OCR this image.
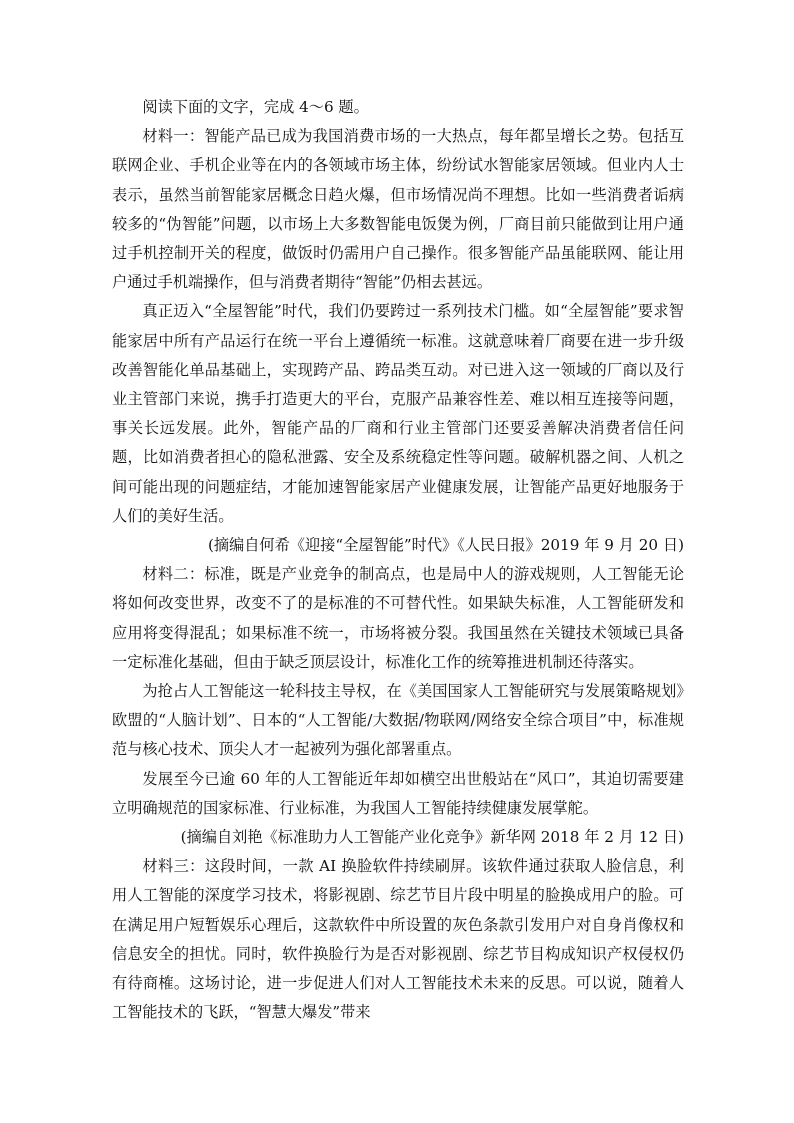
阅读下面的文字，完成 4～6 题。

材料一：智能产品已成为我国消费市场的一大热点，每年都呈增长之势。包括互联网企业、手机企业等在内的各领域市场主体，纷纷试水智能家居领域。但业内人士表示，虽然当前智能家居概念日趋火爆，但市场情况尚不理想。比如一些消费者诟病较多的“伪智能”问题，以市场上大多数智能电饭煲为例，厂商目前只能做到让用户通过手机控制开关的程度，做饭时仍需用户自己操作。很多智能产品虽能联网、能让用户通过手机端操作，但与消费者期待“智能”仍相去甚远。

真正迈入“全屋智能”时代，我们仍要跨过一系列技术门槛。如“全屋智能”要求智能家居中所有产品运行在统一平台上遵循统一标准。这就意味着厂商要在进一步升级改善智能化单品基础上，实现跨产品、跨品类互动。对已进入这一领域的厂商以及行业主管部门来说，携手打造更大的平台，克服产品兼容性差、难以相互连接等问题，事关长远发展。此外，智能产品的厂商和行业主管部门还要妥善解决消费者信任问题，比如消费者担心的隐私泄露、安全及系统稳定性等问题。破解机器之间、人机之间可能出现的问题症结，才能加速智能家居产业健康发展，让智能产品更好地服务于人们的美好生活。

(摘编自何希《迎接“全屋智能”时代》《人民日报》2019 年 9 月 20 日)

材料二：标准，既是产业竞争的制高点，也是局中人的游戏规则，人工智能无论将如何改变世界，改变不了的是标准的不可替代性。如果缺失标准，人工智能研发和应用将变得混乱；如果标准不统一，市场将被分裂。我国虽然在关键技术领域已具备一定标准化基础，但由于缺乏顶层设计，标准化工作的统筹推进机制还待落实。

为抢占人工智能这一轮科技主导权，在《美国国家人工智能研究与发展策略规划》欧盟的“人脑计划”、日本的“人工智能/大数据/物联网/网络安全综合项目”中，标准规范与核心技术、顶尖人才一起被列为强化部署重点。

发展至今已逾 60 年的人工智能近年却如横空出世般站在“风口”，其迫切需要建立明确规范的国家标准、行业标准，为我国人工智能持续健康发展掌舵。

(摘编自刘艳《标准助力人工智能产业化竞争》新华网 2018 年 2 月 12 日)

材料三：这段时间，一款 AI 换脸软件持续刷屏。该软件通过获取人脸信息，利用人工智能的深度学习技术，将影视剧、综艺节目片段中明星的脸换成用户的脸。可在满足用户短暂娱乐心理后，这款软件中所设置的灰色条款引发用户对自身肖像权和信息安全的担忧。同时，软件换脸行为是否对影视剧、综艺节目构成知识产权侵权仍有待商榷。这场讨论，进一步促进人们对人工智能技术未来的反思。可以说，随着人工智能技术的飞跃，“智慧大爆发”带来
